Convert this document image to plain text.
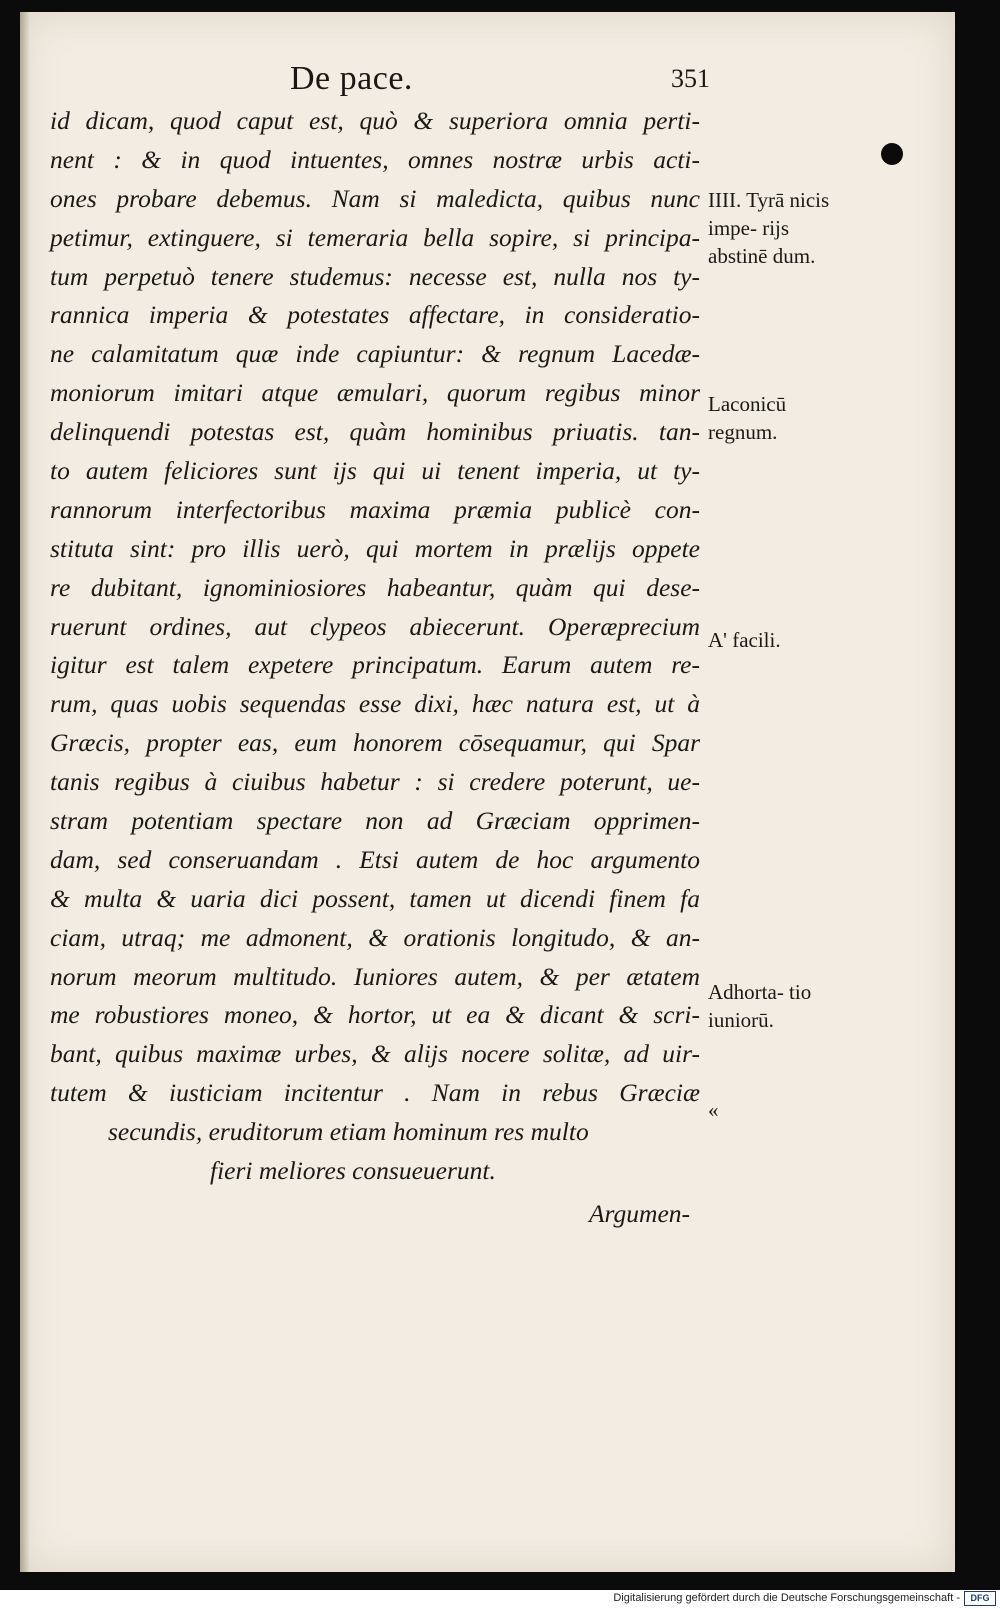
De pace.	351
id dicam, quod caput est, quò & superiora omnia perti-
nent : & in quod intuentes, omnes nostræ urbis acti-
ones probare debemus. Nam si maledicta, quibus nunc
petimur, extinguere, si temeraria bella sopire, si principa-
tum perpetuò tenere studemus: necesse est, nulla nos ty-
rannica imperia & potestates affectare, in consideratio-
ne calamitatum quæ inde capiuntur: & regnum Lacedæ-
moniorum imitari atque æmulari, quorum regibus minor
delinquendi potestas est, quàm hominibus priuatis. tan-
to autem feliciores sunt ijs qui ui tenent imperia, ut ty-
rannorum interfectoribus maxima præmia publicè con-
stituta sint: pro illis uerò, qui mortem in prælijs oppete
re dubitant, ignominiosiores habeantur, quàm qui dese-
ruerunt ordines, aut clypeos abiecerunt. Operæprecium
igitur est talem expetere principatum. Earum autem re-
rum, quas uobis sequendas esse dixi, hæc natura est, ut à
Græcis, propter eas, eum honorem cōsequamur, qui Spar
tanis regibus à ciuibus habetur : si credere poterunt, ue-
stram potentiam spectare non ad Græciam opprimen-
dam, sed conseruandam . Etsi autem de hoc argumento
& multa & uaria dici possent, tamen ut dicendi finem fa
ciam, utraq; me admonent, & orationis longitudo, & an-
norum meorum multitudo. Iuniores autem, & per ætatem
me robustiores moneo, & hortor, ut ea & dicant & scri-
bant, quibus maximæ urbes, & alijs nocere solitæ, ad uir-
tutem & iusticiam incitentur . Nam in rebus Græciæ
secundis, eruditorum etiam hominum res multo
fieri meliores consueuerunt.
Argumen-
IIII. Tyrā nicis impe- rijs abstinē dum.
Laconicū regnum.
A' facili.
Adhorta- tio iuniorū.
«
Digitalisierung gefördert durch die Deutsche Forschungsgemeinschaft -	DFG
